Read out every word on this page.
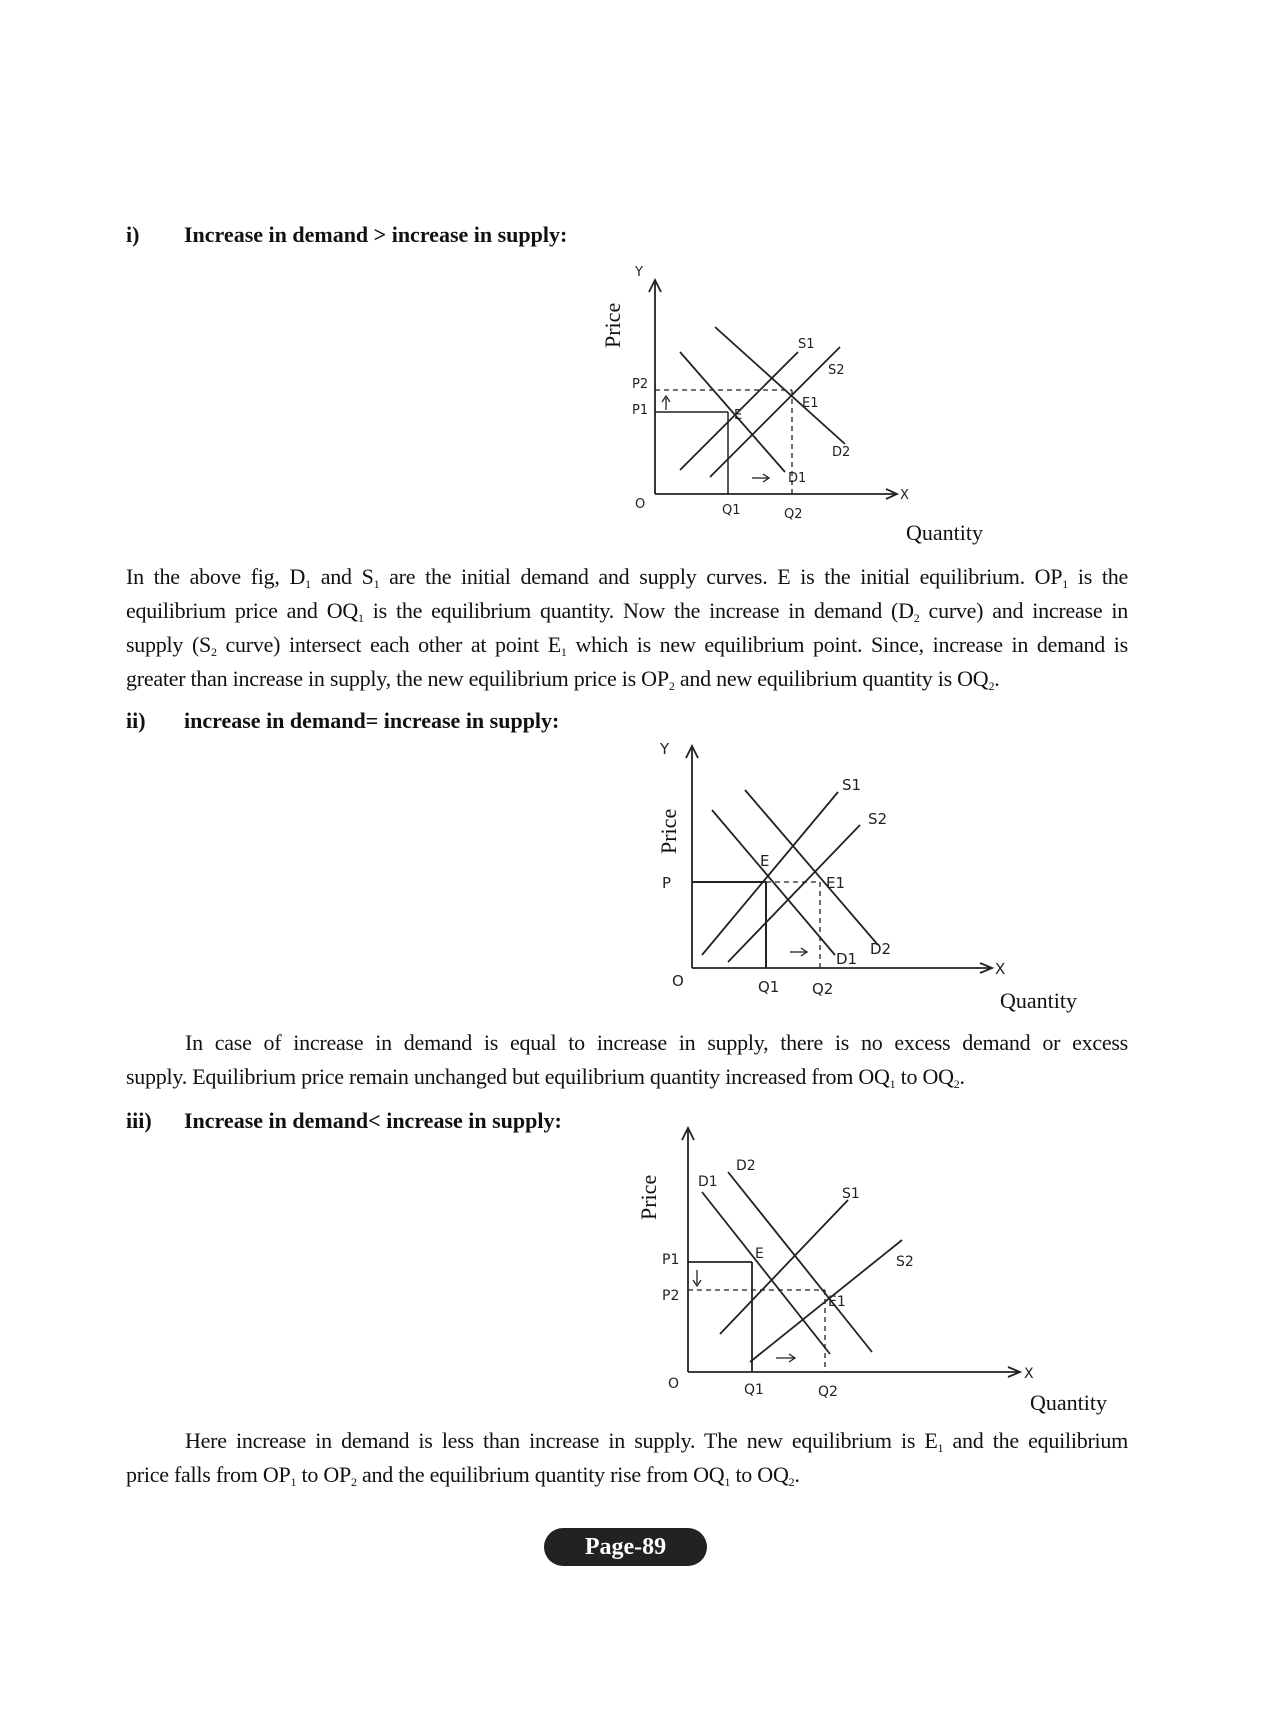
i) Increase in demand > increase in supply:
Y
X
O
S1
S2
D2
D1
E
E1
P2
P1
Q1	Q2
Price
Quantity
In the above fig, $D_1$ and $S_1$ are the initial demand and supply curves. E is the initial equilibrium. $OP_1$ is the
equilibrium price and $OQ_1$ is the equilibrium quantity. Now the increase in demand ($D_2$ curve) and increase in
supply ($S_2$ curve) intersect each other at point $E_1$ which is new equilibrium point. Since, increase in demand is
greater than increase in supply, the new equilibrium price is $OP_2$ and new equilibrium quantity is $OQ_2$.
ii) increase in demand= increase in supply:
Y
X
O
S1
S2
D2
D1
E
E1
P
Q1 Q2
Price
Quantity
In case of increase in demand is equal to increase in supply, there is no excess demand or excess
supply. Equilibrium price remain unchanged but equilibrium quantity increased from $OQ_1$ to $OQ_2$.
iii) Increase in demand< increase in supply:
X
O
D1
D2
S1
S2
E
E1
P1
P2
Q1	Q2
Price
Quantity
Here increase in demand is less than increase in supply. The new equilibrium is $E_1$ and the equilibrium
price falls from $OP_1$ to $OP_2$ and the equilibrium quantity rise from $OQ_1$ to $OQ_2$.
Page-89
